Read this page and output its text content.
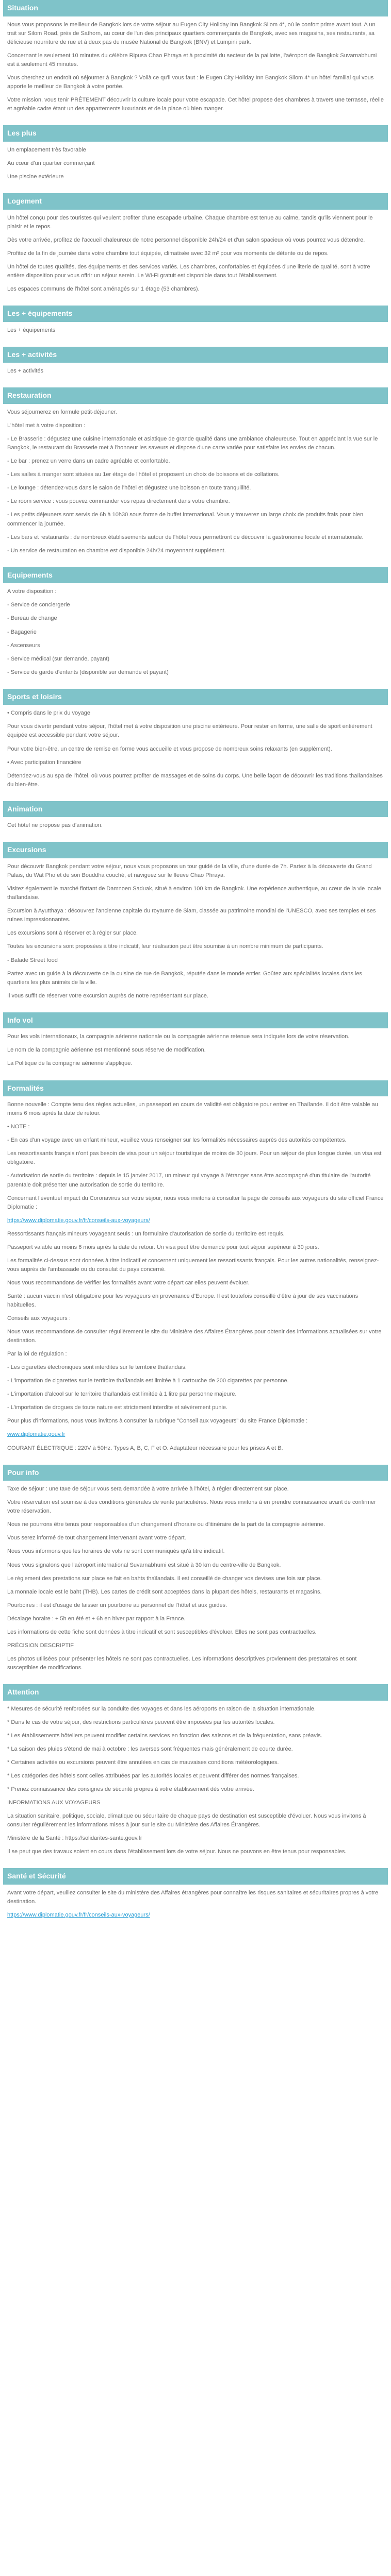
Situation

Nous vous proposons le meilleur de Bangkok lors de votre séjour au Eugen City Holiday Inn Bangkok Silom 4*, où le confort prime avant tout. A un trait sur Silom Road, près de Sathorn, au cœur de l'un des principaux quartiers commerçants de Bangkok, avec ses magasins, ses restaurants, sa délicieuse nourriture de rue et à deux pas du musée National de Bangkok (BNV) et Lumpini park.

Concernant le seulement 10 minutes du célèbre Ripusa Chao Phraya et à proximité du secteur de la paillotte, l'aéroport de Bangkok Suvarnabhumi est à seulement 45 minutes.

Vous cherchez un endroit où séjourner à Bangkok ? Voilà ce qu'il vous faut : le Eugen City Holiday Inn Bangkok Silom 4* un hôtel familial qui vous apporte le meilleur de Bangkok à votre portée.

Votre mission, vous tenir PRÊTEMENT découvrir la culture locale pour votre escapade. Cet hôtel propose des chambres à travers une terrasse, réelle et agréable cadre étant un des appartements luxuriants et de la place où bien manger.

Les plus

Un emplacement très favorable

Au cœur d'un quartier commerçant

Une piscine extérieure

Logement

Un hôtel conçu pour des touristes qui veulent profiter d'une escapade urbaine. Chaque chambre est tenue au calme, tandis qu'ils viennent pour le plaisir et le repos.

Dès votre arrivée, profitez de l'accueil chaleureux de notre personnel disponible 24h/24 et d'un salon spacieux où vous pourrez vous détendre.

Profitez de la fin de journée dans votre chambre tout équipée, climatisée avec 32 m² pour vos moments de détente ou de repos.

Un hôtel de toutes qualités, des équipements et des services variés. Les chambres, confortables et équipées d'une literie de qualité, sont à votre entière disposition pour vous offrir un séjour serein. Le Wi-Fi gratuit est disponible dans tout l'établissement.

Les espaces communs de l'hôtel sont aménagés sur 1 étage (53 chambres).

Les + équipements

Les + équipements

Les + activités

Les + activités

Restauration

Vous séjournerez en formule petit-déjeuner.

L'hôtel met à votre disposition :

- Le Brasserie : dégustez une cuisine internationale et asiatique de grande qualité dans une ambiance chaleureuse. Tout en appréciant la vue sur le Bangkok, le restaurant du Brasserie met à l'honneur les saveurs et dispose d'une carte variée pour satisfaire les envies de chacun.

- Le bar : prenez un verre dans un cadre agréable et confortable.

- Les salles à manger sont situées au 1er étage de l'hôtel et proposent un choix de boissons et de collations.

- Le lounge : détendez-vous dans le salon de l'hôtel et dégustez une boisson en toute tranquillité.

- Le room service : vous pouvez commander vos repas directement dans votre chambre.

- Les petits déjeuners sont servis de 6h à 10h30 sous forme de buffet international. Vous y trouverez un large choix de produits frais pour bien commencer la journée.

- Les bars et restaurants : de nombreux établissements autour de l'hôtel vous permettront de découvrir la gastronomie locale et internationale.

- Un service de restauration en chambre est disponible 24h/24 moyennant supplément.

Equipements

A votre disposition :

- Service de conciergerie

- Bureau de change

- Bagagerie

- Ascenseurs

- Service médical (sur demande, payant)

- Service de garde d'enfants (disponible sur demande et payant)

Sports et loisirs

• Compris dans le prix du voyage

Pour vous divertir pendant votre séjour, l'hôtel met à votre disposition une piscine extérieure. Pour rester en forme, une salle de sport entièrement équipée est accessible pendant votre séjour.

Pour votre bien-être, un centre de remise en forme vous accueille et vous propose de nombreux soins relaxants (en supplément).

• Avec participation financière

Détendez-vous au spa de l'hôtel, où vous pourrez profiter de massages et de soins du corps. Une belle façon de découvrir les traditions thaïlandaises du bien-être.

Animation

Cet hôtel ne propose pas d'animation.

Excursions

Pour découvrir Bangkok pendant votre séjour, nous vous proposons un tour guidé de la ville, d'une durée de 7h. Partez à la découverte du Grand Palais, du Wat Pho et de son Bouddha couché, et naviguez sur le fleuve Chao Phraya.

Visitez également le marché flottant de Damnoen Saduak, situé à environ 100 km de Bangkok. Une expérience authentique, au cœur de la vie locale thaïlandaise.

Excursion à Ayutthaya : découvrez l'ancienne capitale du royaume de Siam, classée au patrimoine mondial de l'UNESCO, avec ses temples et ses ruines impressionnantes.

Les excursions sont à réserver et à régler sur place.

Toutes les excursions sont proposées à titre indicatif, leur réalisation peut être soumise à un nombre minimum de participants.

- Balade Street food

Partez avec un guide à la découverte de la cuisine de rue de Bangkok, réputée dans le monde entier. Goûtez aux spécialités locales dans les quartiers les plus animés de la ville.

Il vous suffit de réserver votre excursion auprès de notre représentant sur place.

Info vol

Pour les vols internationaux, la compagnie aérienne nationale ou la compagnie aérienne retenue sera indiquée lors de votre réservation.

Le nom de la compagnie aérienne est mentionné sous réserve de modification.

La Politique de la compagnie aérienne s'applique.

Formalités

Bonne nouvelle : Compte tenu des règles actuelles, un passeport en cours de validité est obligatoire pour entrer en Thaïlande. Il doit être valable au moins 6 mois après la date de retour.

• NOTE :

- En cas d'un voyage avec un enfant mineur, veuillez vous renseigner sur les formalités nécessaires auprès des autorités compétentes.

Les ressortissants français n'ont pas besoin de visa pour un séjour touristique de moins de 30 jours. Pour un séjour de plus longue durée, un visa est obligatoire.

- Autorisation de sortie du territoire : depuis le 15 janvier 2017, un mineur qui voyage à l'étranger sans être accompagné d'un titulaire de l'autorité parentale doit présenter une autorisation de sortie du territoire.

Concernant l'éventuel impact du Coronavirus sur votre séjour, nous vous invitons à consulter la page de conseils aux voyageurs du site officiel France Diplomatie :

https://www.diplomatie.gouv.fr/fr/conseils-aux-voyageurs/

Ressortissants français mineurs voyageant seuls : un formulaire d'autorisation de sortie du territoire est requis.

Passeport valable au moins 6 mois après la date de retour. Un visa peut être demandé pour tout séjour supérieur à 30 jours.

Les formalités ci-dessus sont données à titre indicatif et concernent uniquement les ressortissants français. Pour les autres nationalités, renseignez-vous auprès de l'ambassade ou du consulat du pays concerné.

Nous vous recommandons de vérifier les formalités avant votre départ car elles peuvent évoluer.

Santé : aucun vaccin n'est obligatoire pour les voyageurs en provenance d'Europe. Il est toutefois conseillé d'être à jour de ses vaccinations habituelles.

Conseils aux voyageurs :

Nous vous recommandons de consulter régulièrement le site du Ministère des Affaires Étrangères pour obtenir des informations actualisées sur votre destination.

Par la loi de régulation :

- Les cigarettes électroniques sont interdites sur le territoire thaïlandais.

- L'importation de cigarettes sur le territoire thaïlandais est limitée à 1 cartouche de 200 cigarettes par personne.

- L'importation d'alcool sur le territoire thaïlandais est limitée à 1 litre par personne majeure.

- L'importation de drogues de toute nature est strictement interdite et sévèrement punie.

Pour plus d'informations, nous vous invitons à consulter la rubrique "Conseil aux voyageurs" du site France Diplomatie :

www.diplomatie.gouv.fr

COURANT ÉLECTRIQUE : 220V à 50Hz. Types A, B, C, F et O. Adaptateur nécessaire pour les prises A et B.

Pour info

Taxe de séjour : une taxe de séjour vous sera demandée à votre arrivée à l'hôtel, à régler directement sur place.

Votre réservation est soumise à des conditions générales de vente particulières. Nous vous invitons à en prendre connaissance avant de confirmer votre réservation.

Nous ne pourrons être tenus pour responsables d'un changement d'horaire ou d'itinéraire de la part de la compagnie aérienne.

Vous serez informé de tout changement intervenant avant votre départ.

Nous vous informons que les horaires de vols ne sont communiqués qu'à titre indicatif.

Nous vous signalons que l'aéroport international Suvarnabhumi est situé à 30 km du centre-ville de Bangkok.

Le règlement des prestations sur place se fait en bahts thaïlandais. Il est conseillé de changer vos devises une fois sur place.

La monnaie locale est le baht (THB). Les cartes de crédit sont acceptées dans la plupart des hôtels, restaurants et magasins.

Pourboires : il est d'usage de laisser un pourboire au personnel de l'hôtel et aux guides.

Décalage horaire : + 5h en été et + 6h en hiver par rapport à la France.

Les informations de cette fiche sont données à titre indicatif et sont susceptibles d'évoluer. Elles ne sont pas contractuelles.

PRÉCISION DESCRIPTIF

Les photos utilisées pour présenter les hôtels ne sont pas contractuelles. Les informations descriptives proviennent des prestataires et sont susceptibles de modifications.

Attention

* Mesures de sécurité renforcées sur la conduite des voyages et dans les aéroports en raison de la situation internationale.

* Dans le cas de votre séjour, des restrictions particulières peuvent être imposées par les autorités locales.

* Les établissements hôteliers peuvent modifier certains services en fonction des saisons et de la fréquentation, sans préavis.

* La saison des pluies s'étend de mai à octobre : les averses sont fréquentes mais généralement de courte durée.

* Certaines activités ou excursions peuvent être annulées en cas de mauvaises conditions météorologiques.

* Les catégories des hôtels sont celles attribuées par les autorités locales et peuvent différer des normes françaises.

* Prenez connaissance des consignes de sécurité propres à votre établissement dès votre arrivée.

INFORMATIONS AUX VOYAGEURS

La situation sanitaire, politique, sociale, climatique ou sécuritaire de chaque pays de destination est susceptible d'évoluer. Nous vous invitons à consulter régulièrement les informations mises à jour sur le site du Ministère des Affaires Étrangères.

Ministère de la Santé : https://solidarites-sante.gouv.fr

Il se peut que des travaux soient en cours dans l'établissement lors de votre séjour. Nous ne pouvons en être tenus pour responsables.

Santé et Sécurité

Avant votre départ, veuillez consulter le site du ministère des Affaires étrangères pour connaître les risques sanitaires et sécuritaires propres à votre destination.

https://www.diplomatie.gouv.fr/fr/conseils-aux-voyageurs/
